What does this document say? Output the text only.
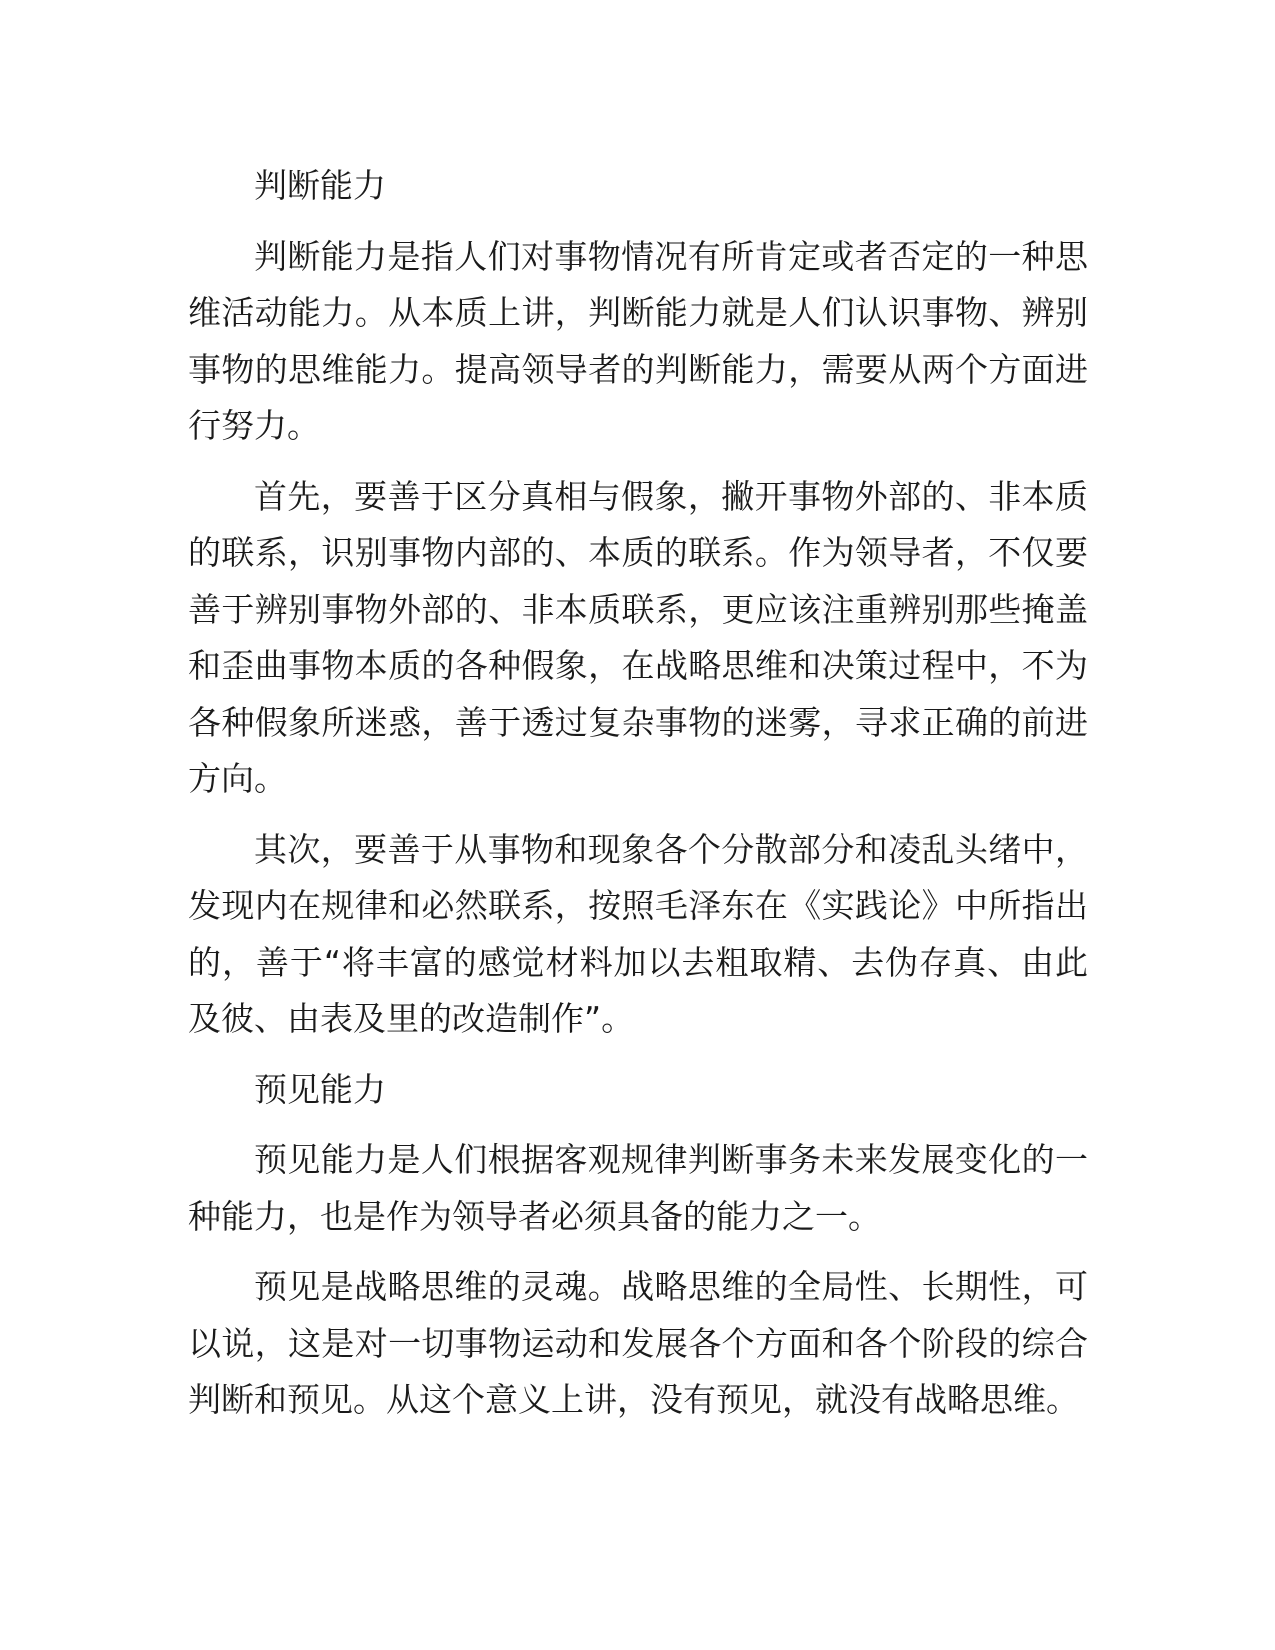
判断能力

判断能力是指人们对事物情况有所肯定或者否定的一种思维活动能力。从本质上讲，判断能力就是人们认识事物、辨别事物的思维能力。提高领导者的判断能力，需要从两个方面进行努力。

首先，要善于区分真相与假象，撇开事物外部的、非本质的联系，识别事物内部的、本质的联系。作为领导者，不仅要善于辨别事物外部的、非本质联系，更应该注重辨别那些掩盖和歪曲事物本质的各种假象，在战略思维和决策过程中，不为各种假象所迷惑，善于透过复杂事物的迷雾，寻求正确的前进方向。

其次，要善于从事物和现象各个分散部分和凌乱头绪中，发现内在规律和必然联系，按照毛泽东在《实践论》中所指出的，善于“将丰富的感觉材料加以去粗取精、去伪存真、由此及彼、由表及里的改造制作”。

预见能力

预见能力是人们根据客观规律判断事务未来发展变化的一种能力，也是作为领导者必须具备的能力之一。

预见是战略思维的灵魂。战略思维的全局性、长期性，可以说，这是对一切事物运动和发展各个方面和各个阶段的综合判断和预见。从这个意义上讲，没有预见，就没有战略思维。
